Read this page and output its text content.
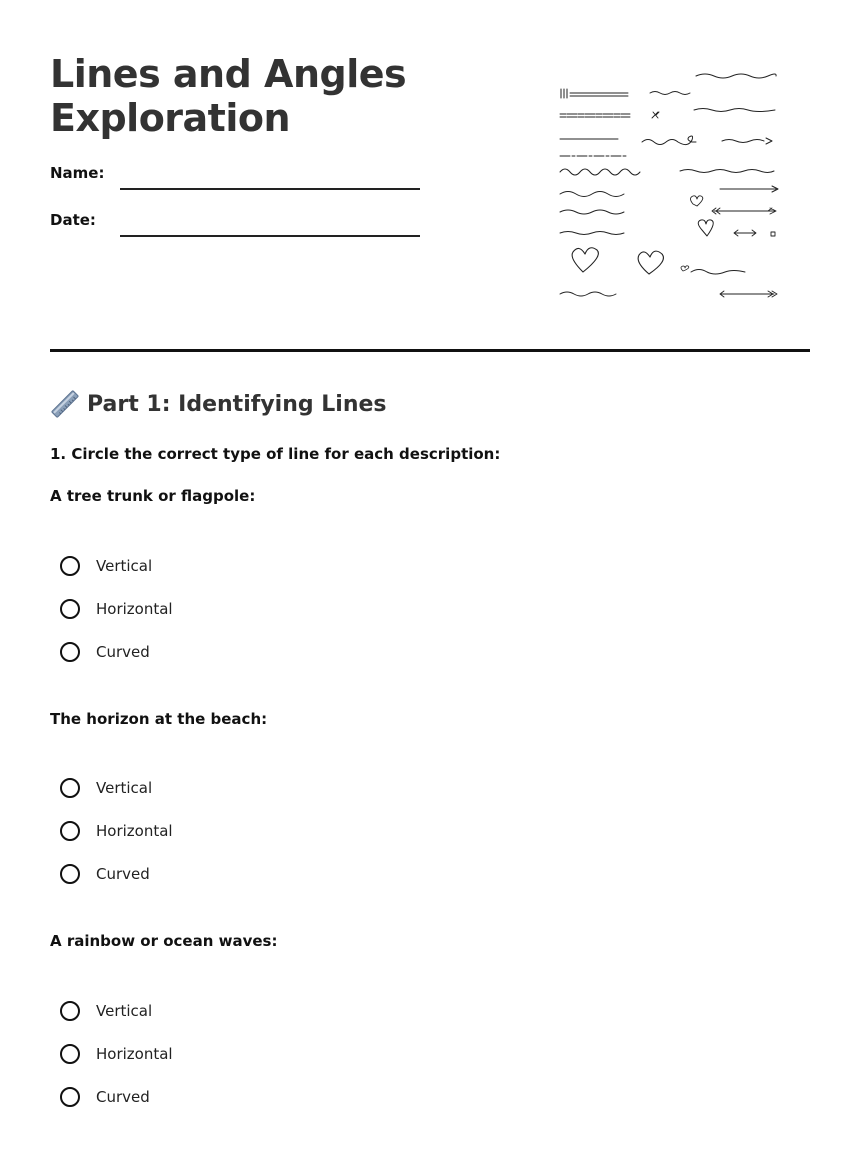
Lines and Angles
Exploration
Name:
Date:
Part 1: Identifying Lines
1. Circle the correct type of line for each description:
A tree trunk or flagpole:
Vertical
Horizontal
Curved
The horizon at the beach:
Vertical
Horizontal
Curved
A rainbow or ocean waves:
Vertical
Horizontal
Curved
